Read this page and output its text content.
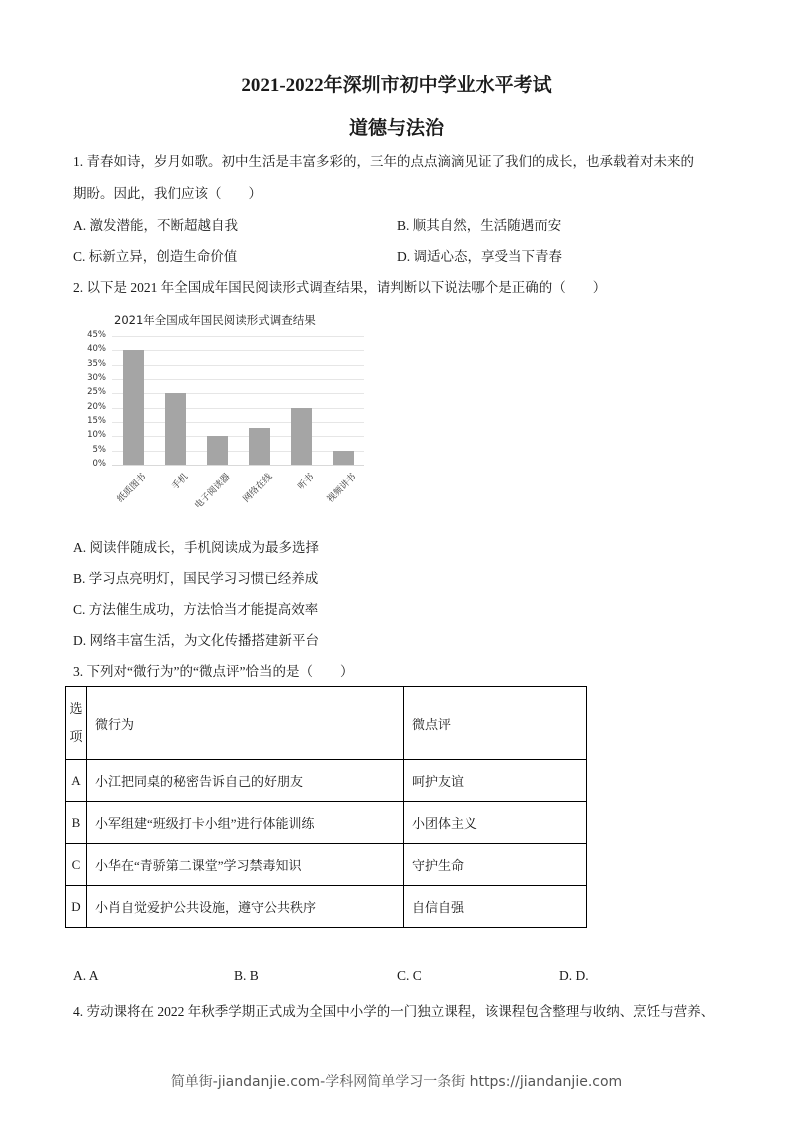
2021-2022年深圳市初中学业水平考试
道德与法治
1. 青春如诗，岁月如歌。初中生活是丰富多彩的，三年的点点滴滴见证了我们的成长，也承载着对未来的
期盼。因此，我们应该（　　）
A. 激发潜能，不断超越自我	B. 顺其自然，生活随遇而安
C. 标新立异，创造生命价值	D. 调适心态，享受当下青春
2. 以下是 2021 年全国成年国民阅读形式调查结果，请判断以下说法哪个是正确的（　　）
2021年全国成年国民阅读形式调查结果
0%
5%
10%
15%
20%
25%
30%
35%
40%
45%
纸质图书 手机 电子阅读器 网络在线 听书 视频讲书
A. 阅读伴随成长，手机阅读成为最多选择
B. 学习点亮明灯，国民学习习惯已经养成
C. 方法催生成功，方法恰当才能提高效率
D. 网络丰富生活，为文化传播搭建新平台
3. 下列对“微行为”的“微点评”恰当的是（　　）
选
项	微行为	微点评
A	小江把同桌的秘密告诉自己的好朋友	呵护友谊
B	小军组建“班级打卡小组”进行体能训练	小团体主义
C	小华在“青骄第二课堂”学习禁毒知识	守护生命
D	小肖自觉爱护公共设施，遵守公共秩序	自信自强
A. A	B. B	C. C	D. D.
4. 劳动课将在 2022 年秋季学期正式成为全国中小学的一门独立课程，该课程包含整理与收纳、烹饪与营养、
简单街-jiandanjie.com-学科网简单学习一条街 https://jiandanjie.com
